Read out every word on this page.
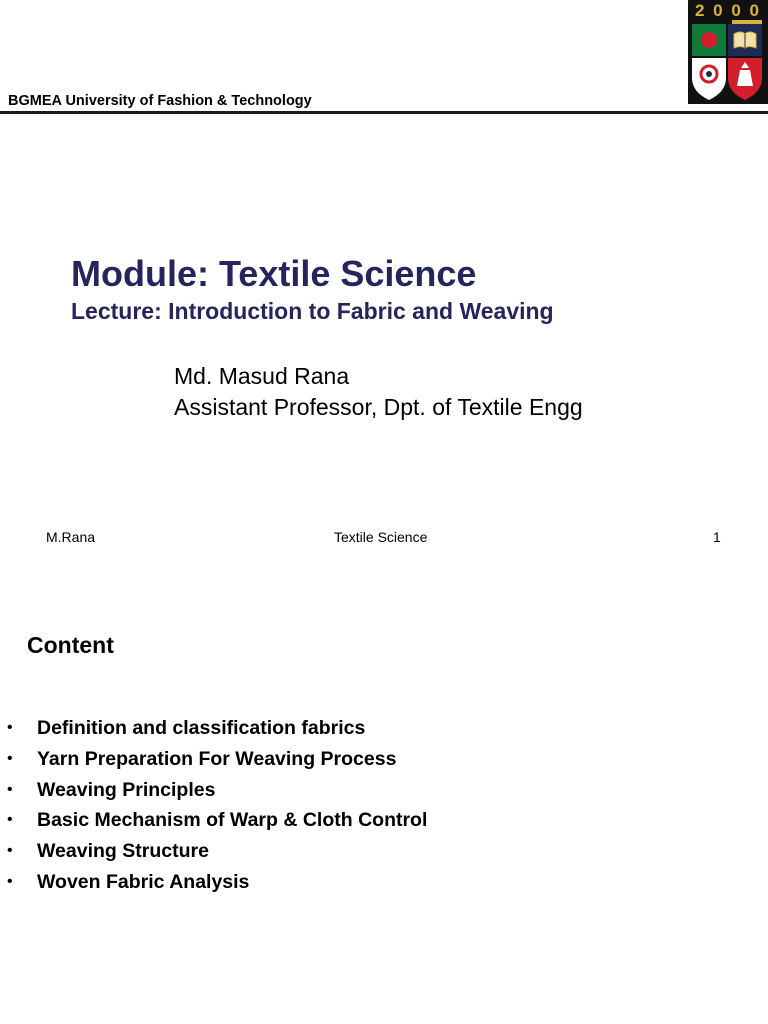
BGMEA University of Fashion & Technology
2 0 0 0
Module: Textile Science
Lecture: Introduction to Fabric and Weaving
Md. Masud Rana
Assistant Professor, Dpt. of Textile Engg
M.Rana	Textile Science	1
Content
• Definition and classification fabrics
• Yarn Preparation For Weaving Process
• Weaving Principles
• Basic Mechanism of Warp & Cloth Control
• Weaving Structure
• Woven Fabric Analysis
